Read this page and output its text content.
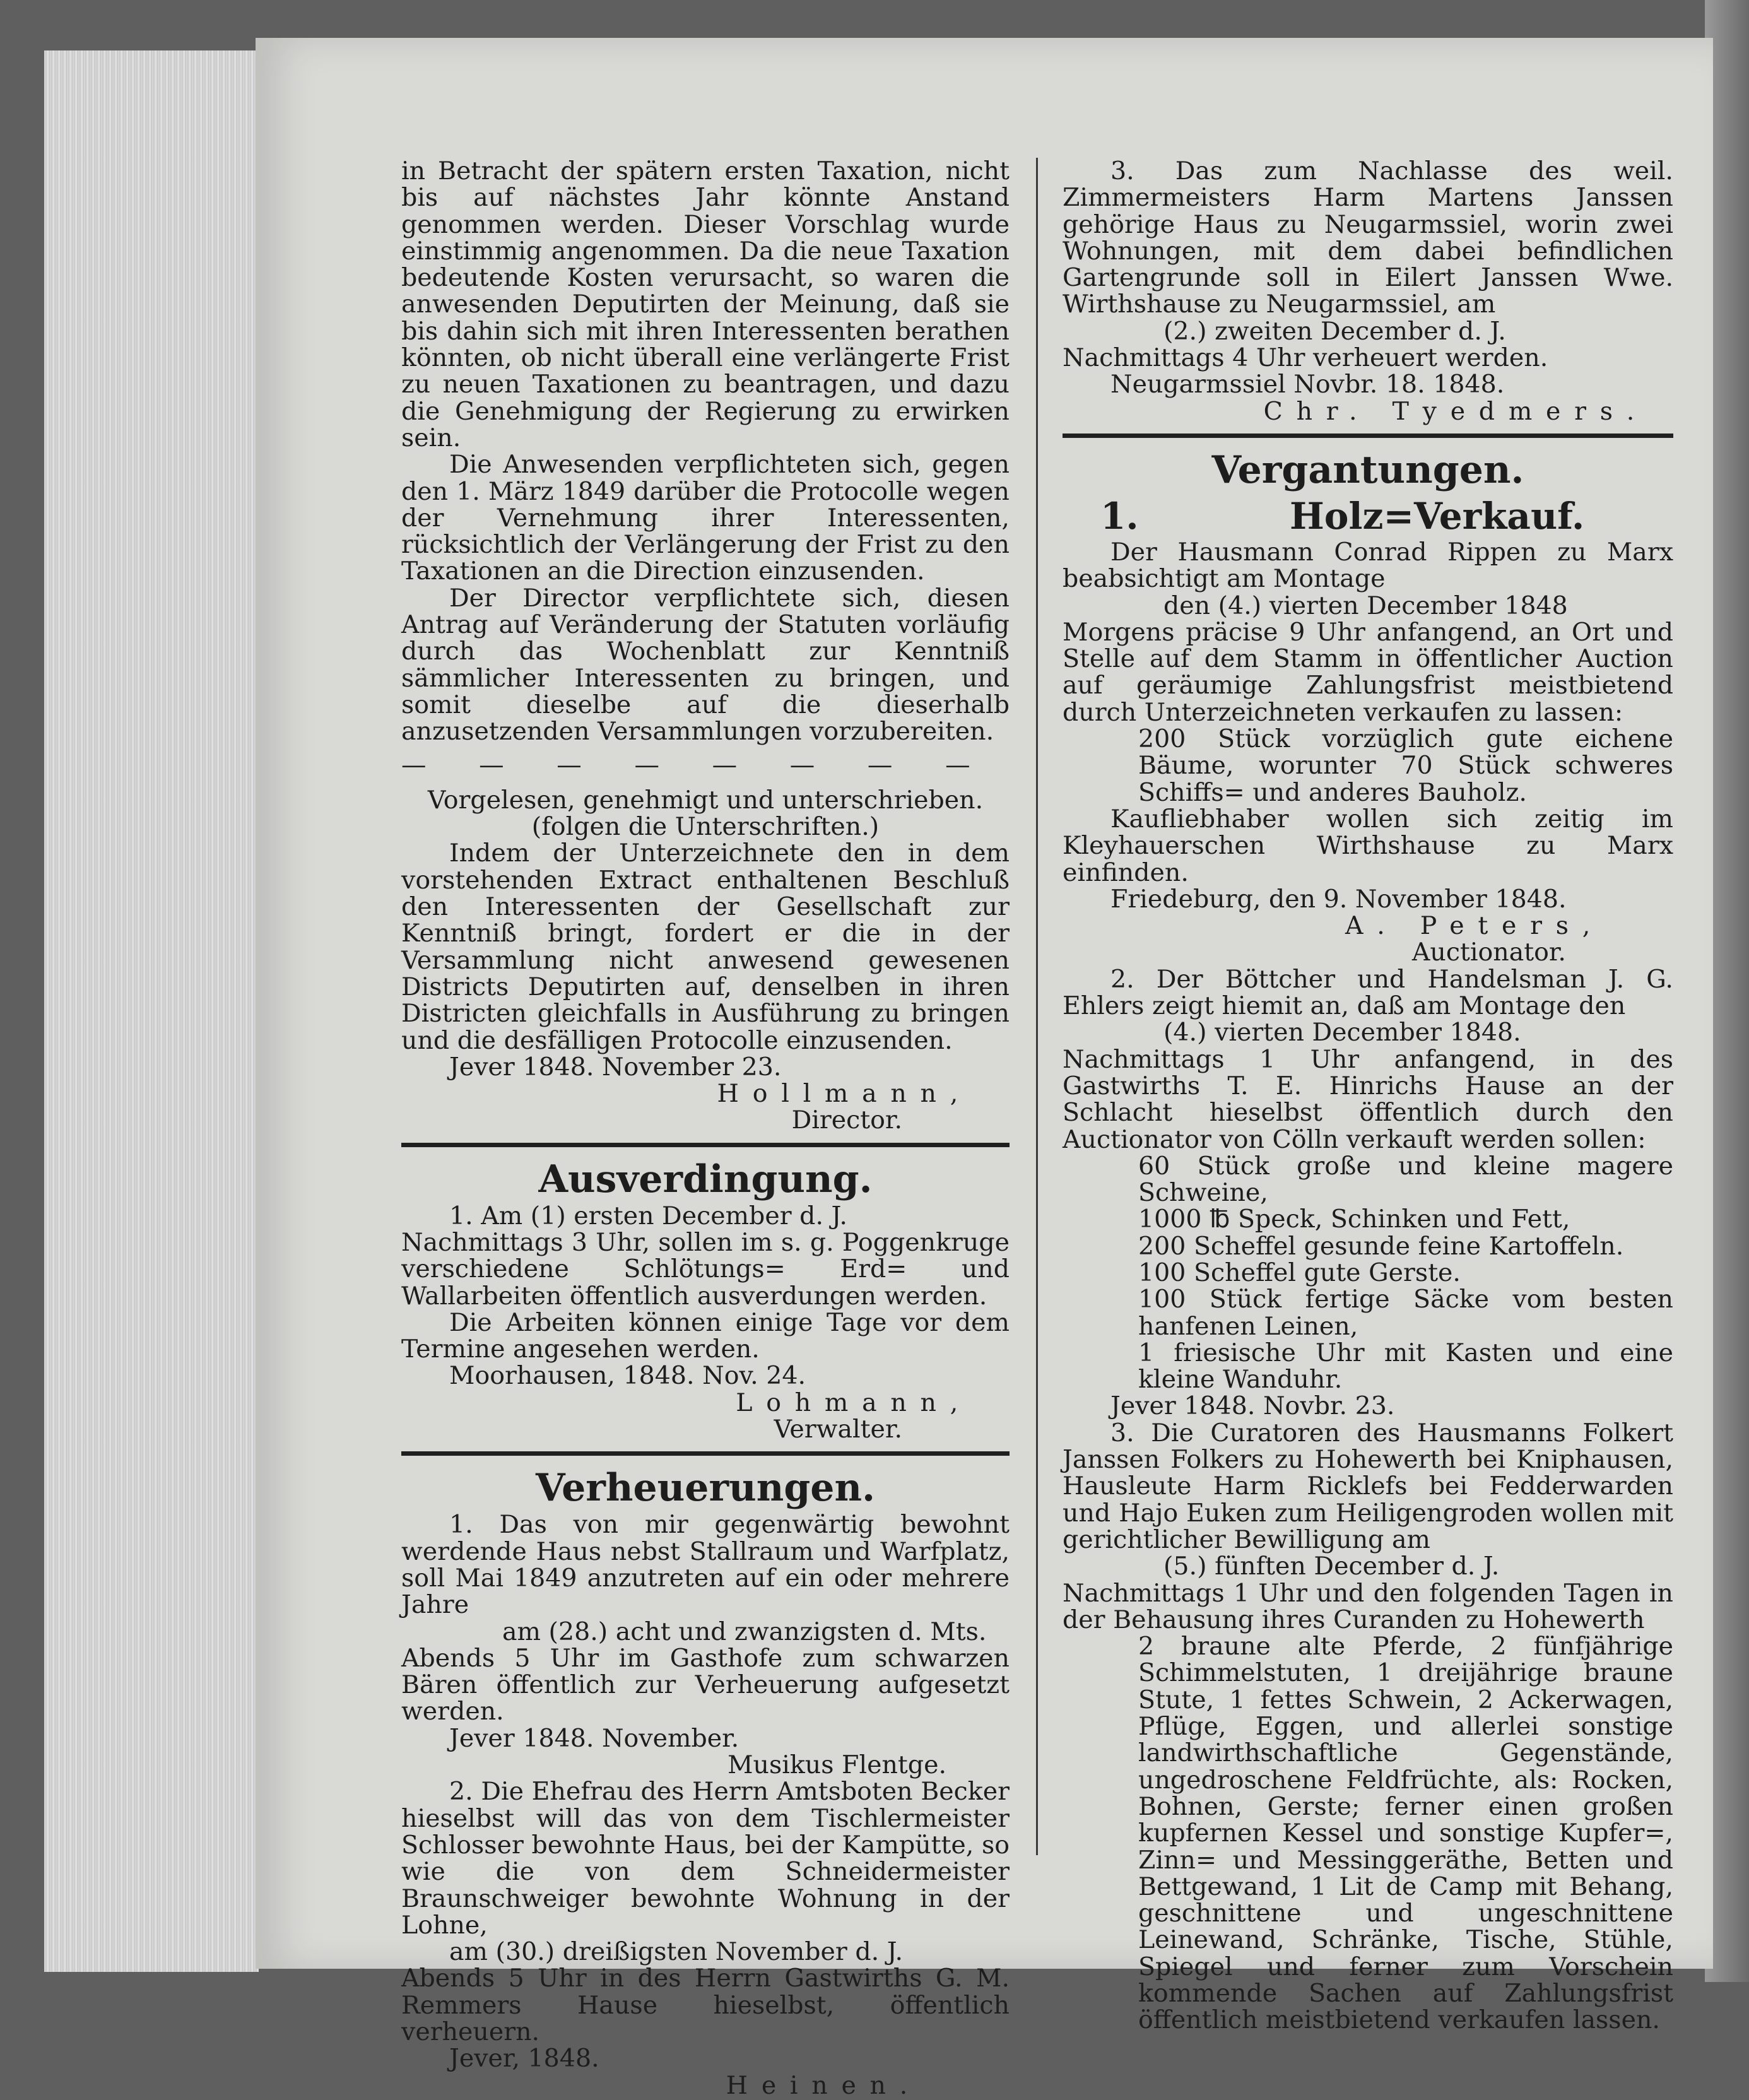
in Betracht der spätern ersten Taxation, nicht bis auf nächstes Jahr könnte Anstand genommen werden. Dieser Vorschlag wurde einstimmig angenommen. Da die neue Taxation bedeutende Kosten verursacht, so waren die anwesenden Deputirten der Meinung, daß sie bis dahin sich mit ihren Interessenten berathen könnten, ob nicht überall eine verlängerte Frist zu neuen Taxationen zu beantragen, und dazu die Genehmigung der Regierung zu erwirken sein.

Die Anwesenden verpflichteten sich, gegen den 1. März 1849 darüber die Protocolle wegen der Vernehmung ihrer Interessenten, rücksichtlich der Verlängerung der Frist zu den Taxationen an die Direction einzusenden.

Der Director verpflichtete sich, diesen Antrag auf Veränderung der Statuten vorläufig durch das Wochenblatt zur Kenntniß sämmlicher Interessenten zu bringen, und somit dieselbe auf die dieserhalb anzusetzenden Versammlungen vorzubereiten.

— — — — — — — —

Vorgelesen, genehmigt und unterschrieben.

(folgen die Unterschriften.)

Indem der Unterzeichnete den in dem vorstehenden Extract enthaltenen Beschluß den Interessenten der Gesellschaft zur Kenntniß bringt, fordert er die in der Versammlung nicht anwesend gewesenen Districts Deputirten auf, denselben in ihren Districten gleichfalls in Ausführung zu bringen und die desfälligen Protocolle einzusenden.

Jever 1848. November 23.

Hollmann,

Director.

Ausverdingung.

1. Am (1) ersten December d. J.

Nachmittags 3 Uhr, sollen im s. g. Poggenkruge verschiedene Schlötungs= Erd= und Wallarbeiten öffentlich ausverdungen werden.

Die Arbeiten können einige Tage vor dem Termine angesehen werden.

Moorhausen, 1848. Nov. 24.

Lohmann,

Verwalter.

Verheuerungen.

1. Das von mir gegenwärtig bewohnt werdende Haus nebst Stallraum und Warfplatz, soll Mai 1849 anzutreten auf ein oder mehrere Jahre

am (28.) acht und zwanzigsten d. Mts.

Abends 5 Uhr im Gasthofe zum schwarzen Bären öffentlich zur Verheuerung aufgesetzt werden.

Jever 1848. November.

Musikus Flentge.

2. Die Ehefrau des Herrn Amtsboten Becker hieselbst will das von dem Tischlermeister Schlosser bewohnte Haus, bei der Kampütte, so wie die von dem Schneidermeister Braunschweiger bewohnte Wohnung in der Lohne,

am (30.) dreißigsten November d. J.

Abends 5 Uhr in des Herrn Gastwirths G. M. Remmers Hause hieselbst, öffentlich verheuern.

Jever, 1848.

Heinen.

3. Das zum Nachlasse des weil. Zimmermeisters Harm Martens Janssen gehörige Haus zu Neugarmssiel, worin zwei Wohnungen, mit dem dabei befindlichen Gartengrunde soll in Eilert Janssen Wwe. Wirthshause zu Neugarmssiel, am

(2.) zweiten December d. J.

Nachmittags 4 Uhr verheuert werden.

Neugarmssiel Novbr. 18. 1848.

Chr. Tyedmers.

Vergantungen.

1.	Holz=Verkauf.

Der Hausmann Conrad Rippen zu Marx beabsichtigt am Montage

den (4.) vierten December 1848

Morgens präcise 9 Uhr anfangend, an Ort und Stelle auf dem Stamm in öffentlicher Auction auf geräumige Zahlungsfrist meistbietend durch Unterzeichneten verkaufen zu lassen:

200 Stück vorzüglich gute eichene Bäume, worunter 70 Stück schweres Schiffs= und anderes Bauholz.

Kaufliebhaber wollen sich zeitig im Kleyhauerschen Wirthshause zu Marx einfinden.

Friedeburg, den 9. November 1848.

A. Peters,

Auctionator.

2. Der Böttcher und Handelsman J. G. Ehlers zeigt hiemit an, daß am Montage den

(4.) vierten December 1848.

Nachmittags 1 Uhr anfangend, in des Gastwirths T. E. Hinrichs Hause an der Schlacht hieselbst öffentlich durch den Auctionator von Cölln verkauft werden sollen:

60 Stück große und kleine magere Schweine,

1000 ℔ Speck, Schinken und Fett,

200 Scheffel gesunde feine Kartoffeln.

100 Scheffel gute Gerste.

100 Stück fertige Säcke vom besten hanfenen Leinen,

1 friesische Uhr mit Kasten und eine kleine Wanduhr.

Jever 1848. Novbr. 23.

3. Die Curatoren des Hausmanns Folkert Janssen Folkers zu Hohewerth bei Kniphausen, Hausleute Harm Ricklefs bei Fedderwarden und Hajo Euken zum Heiligengroden wollen mit gerichtlicher Bewilligung am

(5.) fünften December d. J.

Nachmittags 1 Uhr und den folgenden Tagen in der Behausung ihres Curanden zu Hohewerth

2 braune alte Pferde, 2 fünfjährige Schimmelstuten, 1 dreijährige braune Stute, 1 fettes Schwein, 2 Ackerwagen, Pflüge, Eggen, und allerlei sonstige landwirthschaftliche Gegenstände, ungedroschene Feldfrüchte, als: Rocken, Bohnen, Gerste; ferner einen großen kupfernen Kessel und sonstige Kupfer=, Zinn= und Messinggeräthe, Betten und Bettgewand, 1 Lit de Camp mit Behang, geschnittene und ungeschnittene Leinewand, Schränke, Tische, Stühle, Spiegel und ferner zum Vorschein kommende Sachen auf Zahlungsfrist öffentlich meistbietend verkaufen lassen.
